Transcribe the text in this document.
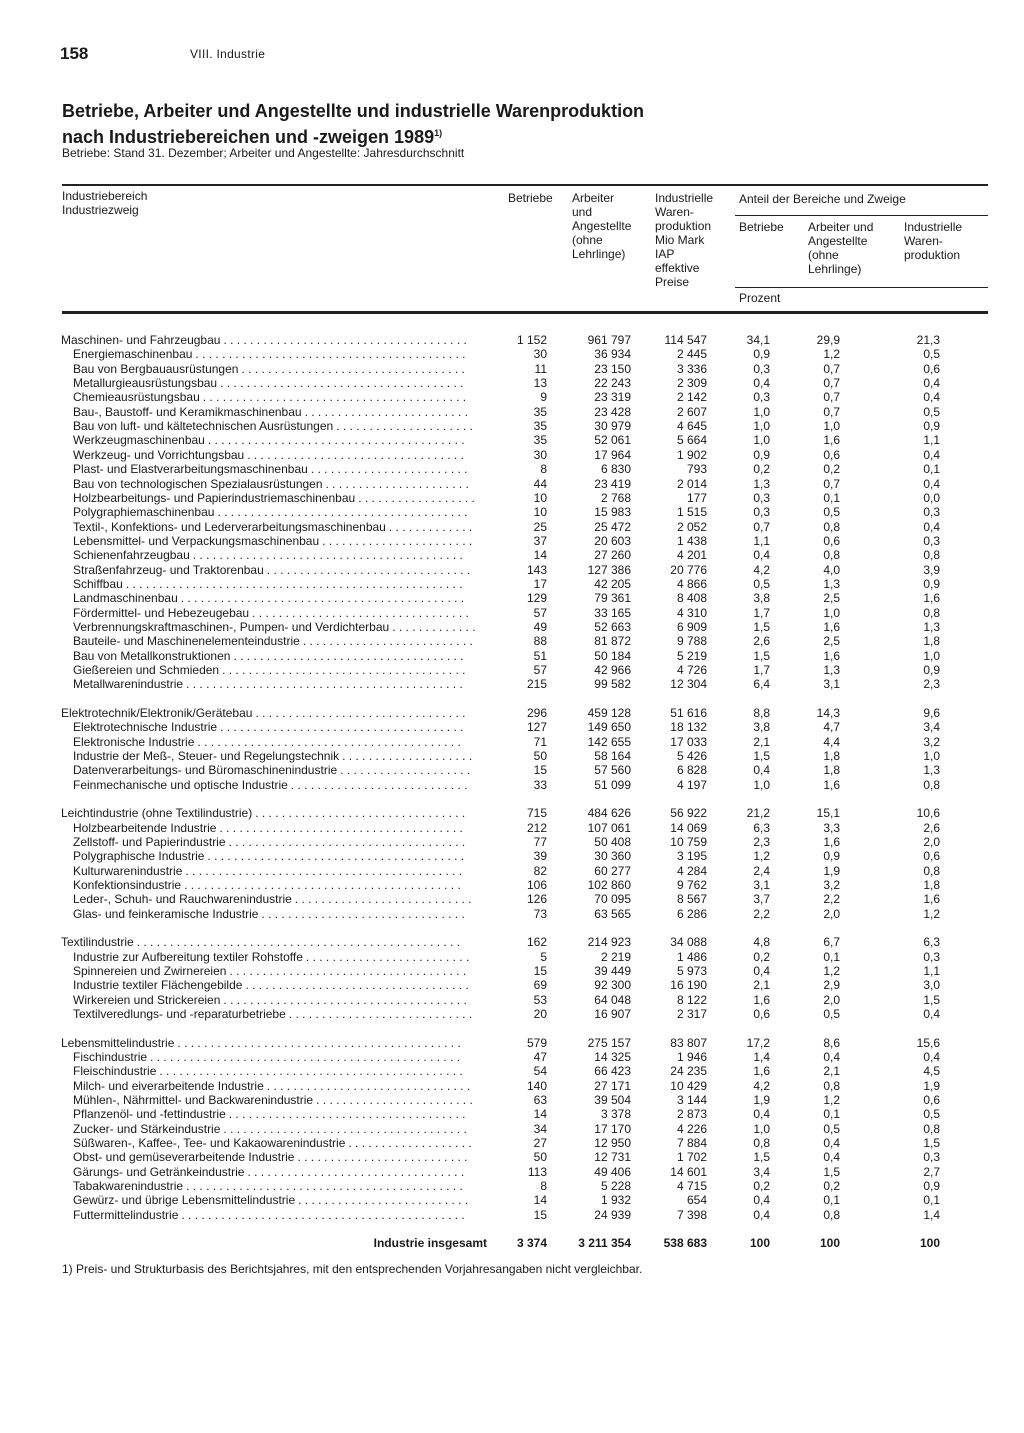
158	VIII. Industrie
Betriebe, Arbeiter und Angestellte und industrielle Warenproduktion
nach Industriebereichen und -zweigen 1989$^{1)}$
Betriebe: Stand 31. Dezember; Arbeiter und Angestellte: Jahresdurchschnitt
Industriebereich
Industriezweig
Betriebe Arbeiter
und
Angestellte
(ohne
Lehrlinge)
Industrielle
Waren-
produktion
Mio Mark
IAP
effektive
Preise
Anteil der Bereiche und Zweige
Betriebe Arbeiter und
Angestellte
(ohne
Lehrlinge)
Industrielle
Waren-
produktion
Prozent
Maschinen- und Fahrzeugbau . . . . . . . . . . . . . . . . . . . . . . . . . . . . . . . . . . . . .	1 152	961 797	114 547	34,1	29,9	21,3
Energiemaschinenbau . . . . . . . . . . . . . . . . . . . . . . . . . . . . . . . . . . . . . . . . .	30	36 934	2 445	0,9	1,2	0,5
Bau von Bergbauausrüstungen . . . . . . . . . . . . . . . . . . . . . . . . . . . . . . . . . .	11	23 150	3 336	0,3	0,7	0,6
Metallurgieausrüstungsbau . . . . . . . . . . . . . . . . . . . . . . . . . . . . . . . . . . . . .	13	22 243	2 309	0,4	0,7	0,4
Chemieausrüstungsbau . . . . . . . . . . . . . . . . . . . . . . . . . . . . . . . . . . . . . . . .	9	23 319	2 142	0,3	0,7	0,4
Bau-, Baustoff- und Keramikmaschinenbau . . . . . . . . . . . . . . . . . . . . . . . . .	35	23 428	2 607	1,0	0,7	0,5
Bau von luft- und kältetechnischen Ausrüstungen . . . . . . . . . . . . . . . . . . . . .	35	30 979	4 645	1,0	1,0	0,9
Werkzeugmaschinenbau . . . . . . . . . . . . . . . . . . . . . . . . . . . . . . . . . . . . . . .	35	52 061	5 664	1,0	1,6	1,1
Werkzeug- und Vorrichtungsbau . . . . . . . . . . . . . . . . . . . . . . . . . . . . . . . . .	30	17 964	1 902	0,9	0,6	0,4
Plast- und Elastverarbeitungsmaschinenbau . . . . . . . . . . . . . . . . . . . . . . . .	8	6 830	793	0,2	0,2	0,1
Bau von technologischen Spezialausrüstungen . . . . . . . . . . . . . . . . . . . . . .	44	23 419	2 014	1,3	0,7	0,4
Holzbearbeitungs- und Papierindustriemaschinenbau . . . . . . . . . . . . . . . . . .	10	2 768	177	0,3	0,1	0,0
Polygraphiemaschinenbau . . . . . . . . . . . . . . . . . . . . . . . . . . . . . . . . . . . . . .	10	15 983	1 515	0,3	0,5	0,3
Textil-, Konfektions- und Lederverarbeitungsmaschinenbau . . . . . . . . . . . . .	25	25 472	2 052	0,7	0,8	0,4
Lebensmittel- und Verpackungsmaschinenbau . . . . . . . . . . . . . . . . . . . . . . .	37	20 603	1 438	1,1	0,6	0,3
Schienenfahrzeugbau . . . . . . . . . . . . . . . . . . . . . . . . . . . . . . . . . . . . . . . . .	14	27 260	4 201	0,4	0,8	0,8
Straßenfahrzeug- und Traktorenbau . . . . . . . . . . . . . . . . . . . . . . . . . . . . . . .	143	127 386	20 776	4,2	4,0	3,9
Schiffbau . . . . . . . . . . . . . . . . . . . . . . . . . . . . . . . . . . . . . . . . . . . . . . . . . . .	17	42 205	4 866	0,5	1,3	0,9
Landmaschinenbau . . . . . . . . . . . . . . . . . . . . . . . . . . . . . . . . . . . . . . . . . . .	129	79 361	8 408	3,8	2,5	1,6
Fördermittel- und Hebezeugebau . . . . . . . . . . . . . . . . . . . . . . . . . . . . . . . . .	57	33 165	4 310	1,7	1,0	0,8
Verbrennungskraftmaschinen-, Pumpen- und Verdichterbau . . . . . . . . . . . . .	49	52 663	6 909	1,5	1,6	1,3
Bauteile- und Maschinenelementeindustrie . . . . . . . . . . . . . . . . . . . . . . . . . .	88	81 872	9 788	2,6	2,5	1,8
Bau von Metallkonstruktionen . . . . . . . . . . . . . . . . . . . . . . . . . . . . . . . . . . .	51	50 184	5 219	1,5	1,6	1,0
Gießereien und Schmieden . . . . . . . . . . . . . . . . . . . . . . . . . . . . . . . . . . . . .	57	42 966	4 726	1,7	1,3	0,9
Metallwarenindustrie . . . . . . . . . . . . . . . . . . . . . . . . . . . . . . . . . . . . . . . . . .	215	99 582	12 304	6,4	3,1	2,3
Elektrotechnik/Elektronik/Gerätebau . . . . . . . . . . . . . . . . . . . . . . . . . . . . . . . .	296	459 128	51 616	8,8	14,3	9,6
Elektrotechnische Industrie . . . . . . . . . . . . . . . . . . . . . . . . . . . . . . . . . . . . .	127	149 650	18 132	3,8	4,7	3,4
Elektronische Industrie . . . . . . . . . . . . . . . . . . . . . . . . . . . . . . . . . . . . . . . .	71	142 655	17 033	2,1	4,4	3,2
Industrie der Meß-, Steuer- und Regelungstechnik . . . . . . . . . . . . . . . . . . . .	50	58 164	5 426	1,5	1,8	1,0
Datenverarbeitungs- und Büromaschinenindustrie . . . . . . . . . . . . . . . . . . . .	15	57 560	6 828	0,4	1,8	1,3
Feinmechanische und optische Industrie . . . . . . . . . . . . . . . . . . . . . . . . . . .	33	51 099	4 197	1,0	1,6	0,8
Leichtindustrie (ohne Textilindustrie) . . . . . . . . . . . . . . . . . . . . . . . . . . . . . . . .	715	484 626	56 922	21,2	15,1	10,6
Holzbearbeitende Industrie . . . . . . . . . . . . . . . . . . . . . . . . . . . . . . . . . . . . .	212	107 061	14 069	6,3	3,3	2,6
Zellstoff- und Papierindustrie . . . . . . . . . . . . . . . . . . . . . . . . . . . . . . . . . . . .	77	50 408	10 759	2,3	1,6	2,0
Polygraphische Industrie . . . . . . . . . . . . . . . . . . . . . . . . . . . . . . . . . . . . . . .	39	30 360	3 195	1,2	0,9	0,6
Kulturwarenindustrie . . . . . . . . . . . . . . . . . . . . . . . . . . . . . . . . . . . . . . . . . .	82	60 277	4 284	2,4	1,9	0,8
Konfektionsindustrie . . . . . . . . . . . . . . . . . . . . . . . . . . . . . . . . . . . . . . . . . .	106	102 860	9 762	3,1	3,2	1,8
Leder-, Schuh- und Rauchwarenindustrie . . . . . . . . . . . . . . . . . . . . . . . . . . .	126	70 095	8 567	3,7	2,2	1,6
Glas- und feinkeramische Industrie . . . . . . . . . . . . . . . . . . . . . . . . . . . . . . .	73	63 565	6 286	2,2	2,0	1,2
Textilindustrie . . . . . . . . . . . . . . . . . . . . . . . . . . . . . . . . . . . . . . . . . . . . . . . . .	162	214 923	34 088	4,8	6,7	6,3
Industrie zur Aufbereitung textiler Rohstoffe . . . . . . . . . . . . . . . . . . . . . . . . .	5	2 219	1 486	0,2	0,1	0,3
Spinnereien und Zwirnereien . . . . . . . . . . . . . . . . . . . . . . . . . . . . . . . . . . . .	15	39 449	5 973	0,4	1,2	1,1
Industrie textiler Flächengebilde . . . . . . . . . . . . . . . . . . . . . . . . . . . . . . . . . .	69	92 300	16 190	2,1	2,9	3,0
Wirkereien und Strickereien . . . . . . . . . . . . . . . . . . . . . . . . . . . . . . . . . . . . .	53	64 048	8 122	1,6	2,0	1,5
Textilveredlungs- und -reparaturbetriebe . . . . . . . . . . . . . . . . . . . . . . . . . . . .	20	16 907	2 317	0,6	0,5	0,4
Lebensmittelindustrie . . . . . . . . . . . . . . . . . . . . . . . . . . . . . . . . . . . . . . . . . . .	579	275 157	83 807	17,2	8,6	15,6
Fischindustrie . . . . . . . . . . . . . . . . . . . . . . . . . . . . . . . . . . . . . . . . . . . . . . .	47	14 325	1 946	1,4	0,4	0,4
Fleischindustrie . . . . . . . . . . . . . . . . . . . . . . . . . . . . . . . . . . . . . . . . . . . . . .	54	66 423	24 235	1,6	2,1	4,5
Milch- und eiverarbeitende Industrie . . . . . . . . . . . . . . . . . . . . . . . . . . . . . . .	140	27 171	10 429	4,2	0,8	1,9
Mühlen-, Nährmittel- und Backwarenindustrie . . . . . . . . . . . . . . . . . . . . . . . .	63	39 504	3 144	1,9	1,2	0,6
Pflanzenöl- und -fettindustrie . . . . . . . . . . . . . . . . . . . . . . . . . . . . . . . . . . . .	14	3 378	2 873	0,4	0,1	0,5
Zucker- und Stärkeindustrie . . . . . . . . . . . . . . . . . . . . . . . . . . . . . . . . . . . . .	34	17 170	4 226	1,0	0,5	0,8
Süßwaren-, Kaffee-, Tee- und Kakaowarenindustrie . . . . . . . . . . . . . . . . . . .	27	12 950	7 884	0,8	0,4	1,5
Obst- und gemüseverarbeitende Industrie . . . . . . . . . . . . . . . . . . . . . . . . . .	50	12 731	1 702	1,5	0,4	0,3
Gärungs- und Getränkeindustrie . . . . . . . . . . . . . . . . . . . . . . . . . . . . . . . . .	113	49 406	14 601	3,4	1,5	2,7
Tabakwarenindustrie . . . . . . . . . . . . . . . . . . . . . . . . . . . . . . . . . . . . . . . . . .	8	5 228	4 715	0,2	0,2	0,9
Gewürz- und übrige Lebensmittelindustrie . . . . . . . . . . . . . . . . . . . . . . . . . .	14	1 932	654	0,4	0,1	0,1
Futtermittelindustrie . . . . . . . . . . . . . . . . . . . . . . . . . . . . . . . . . . . . . . . . . . .	15	24 939	7 398	0,4	0,8	1,4
Industrie insgesamt 3 374	3 211 354	538 683	100	100	100
1) Preis- und Strukturbasis des Berichtsjahres, mit den entsprechenden Vorjahresangaben nicht vergleichbar.
